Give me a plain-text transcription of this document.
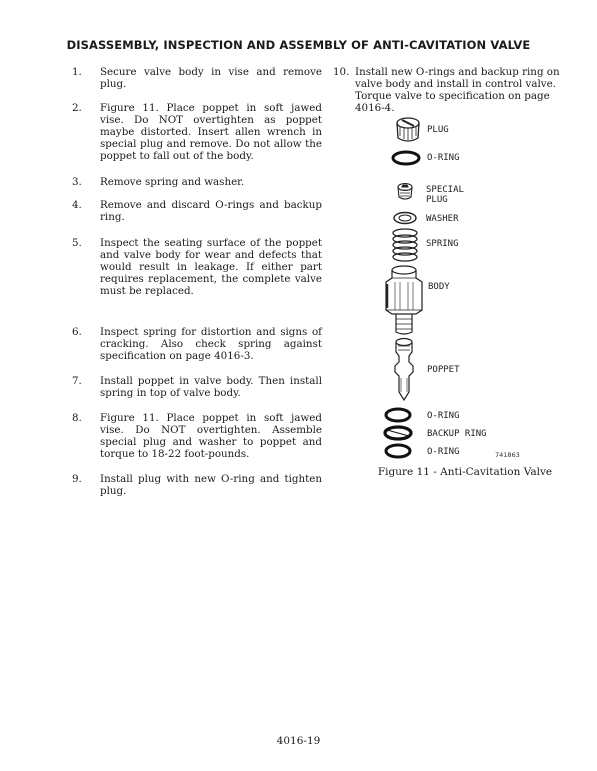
DISASSEMBLY, INSPECTION AND ASSEMBLY OF ANTI-CAVITATION VALVE
1. Secure valve body in vise and remove plug.
2. Figure 11. Place poppet in soft jawed vise. Do NOT overtighten as poppet maybe distorted. Insert allen wrench in special plug and remove. Do not allow the poppet to fall out of the body.
3. Remove spring and washer.
4. Remove and discard O-rings and backup ring.
5. Inspect the seating surface of the poppet and valve body for wear and defects that would result in leakage. If either part requires replacement, the complete valve must be replaced.
6. Inspect spring for distortion and signs of cracking. Also check spring against specification on page 4016-3.
7. Install poppet in valve body. Then install spring in top of valve body.
8. Figure 11. Place poppet in soft jawed vise. Do NOT overtighten. Assemble special plug and washer to poppet and torque to 18-22 foot-pounds.
9. Install plug with new O-ring and tighten plug.
10. Install new O-rings and backup ring on valve body and install in control valve. Torque valve to specification on page 4016-4.
PLUG
O-RING
SPECIAL
PLUG
WASHER
SPRING
BODY
POPPET
O-RING
BACKUP RING
O-RING	741863
Figure 11 - Anti-Cavitation Valve
4016-19
